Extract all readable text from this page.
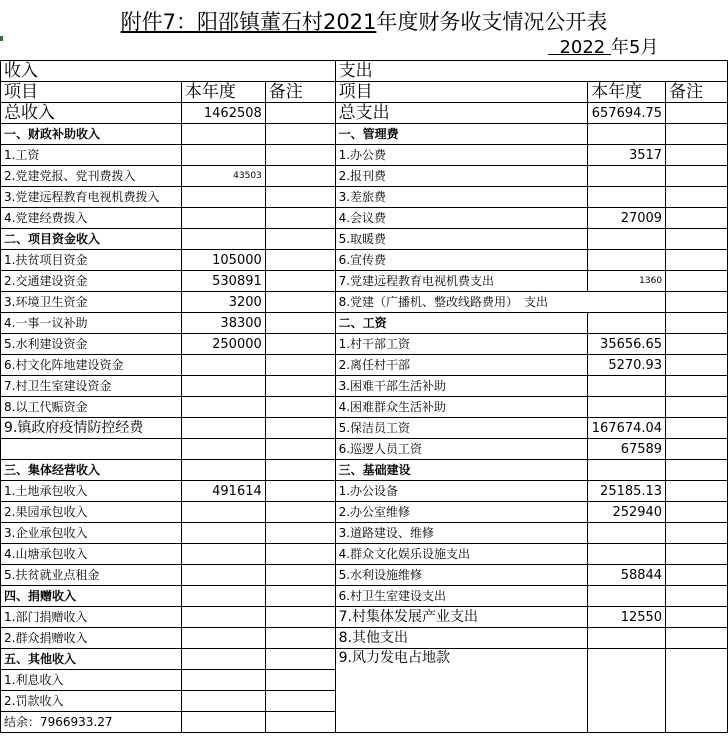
附件7：阳邵镇董石村2021年度财务收支情况公开表
2022 年5月
收入			支出		
项目	本年度	备注	项目	本年度	备注
总收入	1462508		总支出	657694.75	
一、财政补助收入			一、管理费		
1.工资			1.办公费	3517	
2.党建党报、党刊费拨入	43503		2.报刊费		
3.党建远程教育电视机费拨入			3.差旅费		
4.党建经费拨入			4.会议费	27009	
二、项目资金收入			5.取暖费		
1.扶贫项目资金	105000		6.宣传费		
2.交通建设资金	530891		7.党建远程教育电视机费支出	1360	
3.环境卫生资金	3200		8.党建（广播机、整改线路费用）　支出		
4.一事一议补助	38300		二、工资		
5.水利建设资金	250000		1.村干部工资	35656.65	
6.村文化阵地建设资金			2.离任村干部	5270.93	
7.村卫生室建设资金			3.困难干部生活补助		
8.以工代赈资金			4.困难群众生活补助		
9.镇政府疫情防控经费			5.保洁员工资	167674.04	
			6.巡逻人员工资	67589	
三、集体经营收入			三、基础建设		
1.土地承包收入	491614		1.办公设备	25185.13	
2.果园承包收入			2.办公室维修	252940	
3.企业承包收入			3.道路建设、维修		
4.山塘承包收入			4.群众文化娱乐设施支出		
5.扶贫就业点租金			5.水利设施维修	58844	
四、捐赠收入			6.村卫生室建设支出		
1.部门捐赠收入			7.村集体发展产业支出	12550	
2.群众捐赠收入			8.其他支出		
五、其他收入			9.风力发电占地款		
1.利息收入					
2.罚款收入					
结余：7966933.27					
